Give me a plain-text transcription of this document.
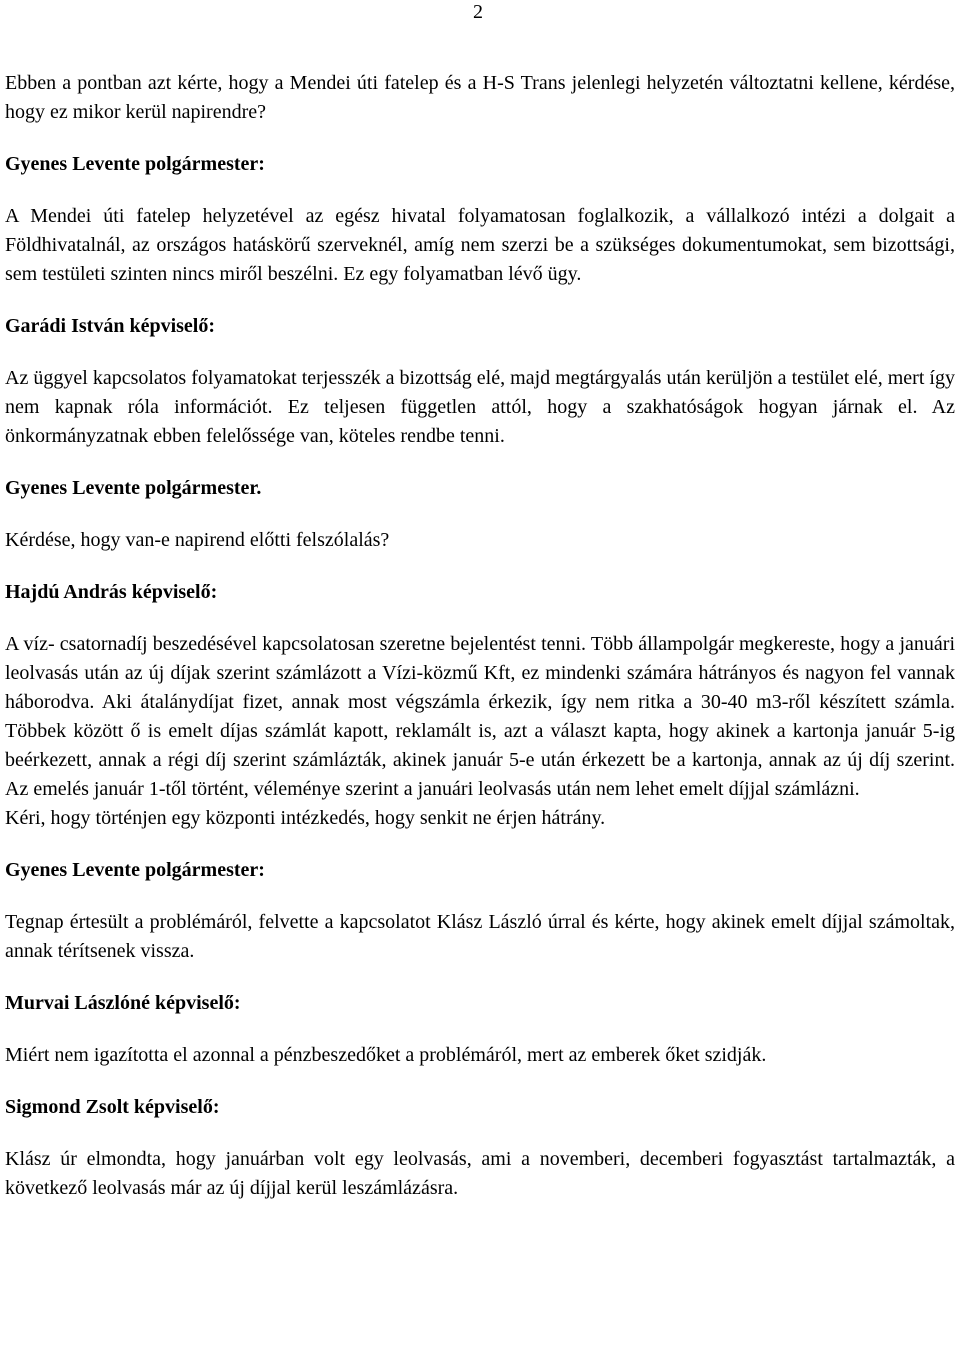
2

Ebben a pontban azt kérte, hogy a Mendei úti fatelep és a H-S Trans jelenlegi helyzetén változtatni kellene, kérdése, hogy ez mikor kerül napirendre?

Gyenes Levente polgármester:

A Mendei úti fatelep helyzetével az egész hivatal folyamatosan foglalkozik, a vállalkozó intézi a dolgait a Földhivatalnál, az országos hatáskörű szerveknél, amíg nem szerzi be a szükséges dokumentumokat, sem bizottsági, sem testületi szinten nincs miről beszélni. Ez egy folyamatban lévő ügy.

Garádi István képviselő:

Az üggyel kapcsolatos folyamatokat terjesszék a bizottság elé, majd megtárgyalás után kerüljön a testület elé, mert így nem kapnak róla információt. Ez teljesen független attól, hogy a szakhatóságok hogyan járnak el. Az önkormányzatnak ebben felelőssége van, köteles rendbe tenni.

Gyenes Levente polgármester.

Kérdése, hogy van-e napirend előtti felszólalás?

Hajdú András képviselő:

A víz- csatornadíj beszedésével kapcsolatosan szeretne bejelentést tenni. Több állampolgár megkereste, hogy a januári leolvasás után az új díjak szerint számlázott a Vízi-közmű Kft, ez mindenki számára hátrányos és nagyon fel vannak háborodva. Aki átalánydíjat fizet, annak most végszámla érkezik, így nem ritka a 30-40 m3-ről készített számla. Többek között ő is emelt díjas számlát kapott, reklamált is, azt a választ kapta, hogy akinek a kartonja január 5-ig beérkezett, annak a régi díj szerint számlázták, akinek január 5-e után érkezett be a kartonja, annak az új díj szerint. Az emelés január 1-től történt, véleménye szerint a januári leolvasás után nem lehet emelt díjjal számlázni.

Kéri, hogy történjen egy központi intézkedés, hogy senkit ne érjen hátrány.

Gyenes Levente polgármester:

Tegnap értesült a problémáról, felvette a kapcsolatot Klász László úrral és kérte, hogy akinek emelt díjjal számoltak, annak térítsenek vissza.

Murvai Lászlóné képviselő:

Miért nem igazította el azonnal a pénzbeszedőket a problémáról, mert az emberek őket szidják.

Sigmond Zsolt képviselő:

Klász úr elmondta, hogy januárban volt egy leolvasás, ami a novemberi, decemberi fogyasztást tartalmazták, a következő leolvasás már az új díjjal kerül leszámlázásra.
